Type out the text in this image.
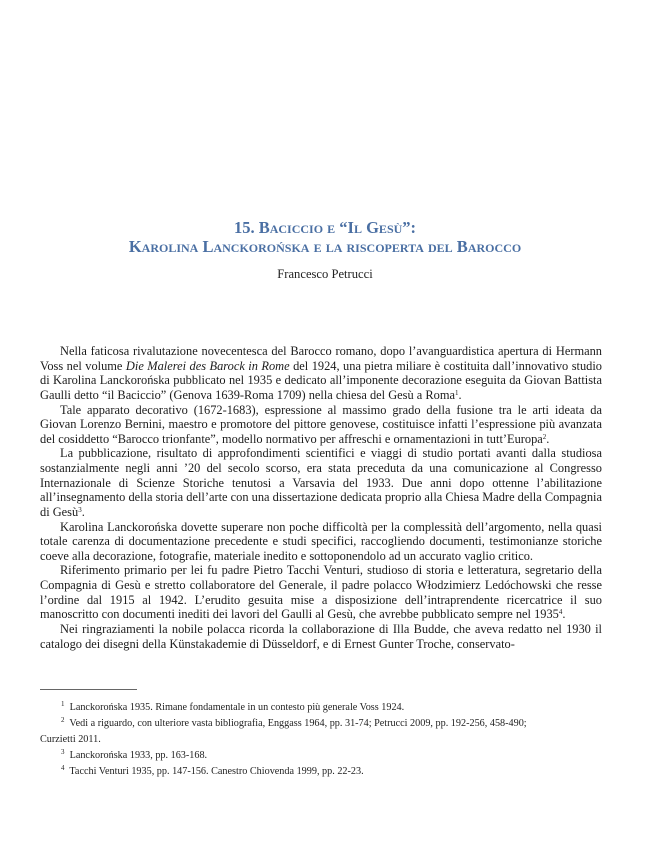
15. Baciccio e “Il Gesù”:
Karolina Lanckorońska e la riscoperta del Barocco
Francesco Petrucci

Nella faticosa rivalutazione novecentesca del Barocco romano, dopo l’avanguardistica apertura di Hermann Voss nel volume Die Malerei des Barock in Rome del 1924, una pietra miliare è costituita dall’innovativo studio di Karolina Lanckorońska pubblicato nel 1935 e dedicato all’imponente decorazione eseguita da Giovan Battista Gaulli detto “il Baciccio” (Genova 1639-Roma 1709) nella chiesa del Gesù a Roma$^1$.

Tale apparato decorativo (1672-1683), espressione al massimo grado della fusione tra le arti ideata da Giovan Lorenzo Bernini, maestro e promotore del pittore genovese, costituisce infatti l’espressione più avanzata del cosiddetto “Barocco trionfante”, modello normativo per affreschi e ornamentazioni in tutt’Europa$^2$.

La pubblicazione, risultato di approfondimenti scientifici e viaggi di studio portati avanti dalla studiosa sostanzialmente negli anni ’20 del secolo scorso, era stata preceduta da una comunicazione al Congresso Internazionale di Scienze Storiche tenutosi a Varsavia del 1933. Due anni dopo ottenne l’abilitazione all’insegnamento della storia dell’arte con una dissertazione dedicata proprio alla Chiesa Madre della Compagnia di Gesù$^3$.

Karolina Lanckorońska dovette superare non poche difficoltà per la complessità dell’argomento, nella quasi totale carenza di documentazione precedente e studi specifici, raccogliendo documenti, testimonianze storiche coeve alla decorazione, fotografie, materiale inedito e sottoponendolo ad un accurato vaglio critico.

Riferimento primario per lei fu padre Pietro Tacchi Venturi, studioso di storia e letteratura, segretario della Compagnia di Gesù e stretto collaboratore del Generale, il padre polacco Włodzimierz Ledóchowski che resse l’ordine dal 1915 al 1942. L’erudito gesuita mise a disposizione dell’intraprendente ricercatrice il suo manoscritto con documenti inediti dei lavori del Gaulli al Gesù, che avrebbe pubblicato sempre nel 1935$^4$.

Nei ringraziamenti la nobile polacca ricorda la collaborazione di Illa Budde, che aveva redatto nel 1930 il catalogo dei disegni della Künstakademie di Düsseldorf, e di Ernest Gunter Troche, conservato-

$^1$ Lanckorońska 1935. Rimane fondamentale in un contesto più generale Voss 1924.

$^2$ Vedi a riguardo, con ulteriore vasta bibliografia, Enggass 1964, pp. 31-74; Petrucci 2009, pp. 192-256, 458-490;
Curzietti 2011.

$^3$ Lanckorońska 1933, pp. 163-168.

$^4$ Tacchi Venturi 1935, pp. 147-156. Canestro Chiovenda 1999, pp. 22-23.
